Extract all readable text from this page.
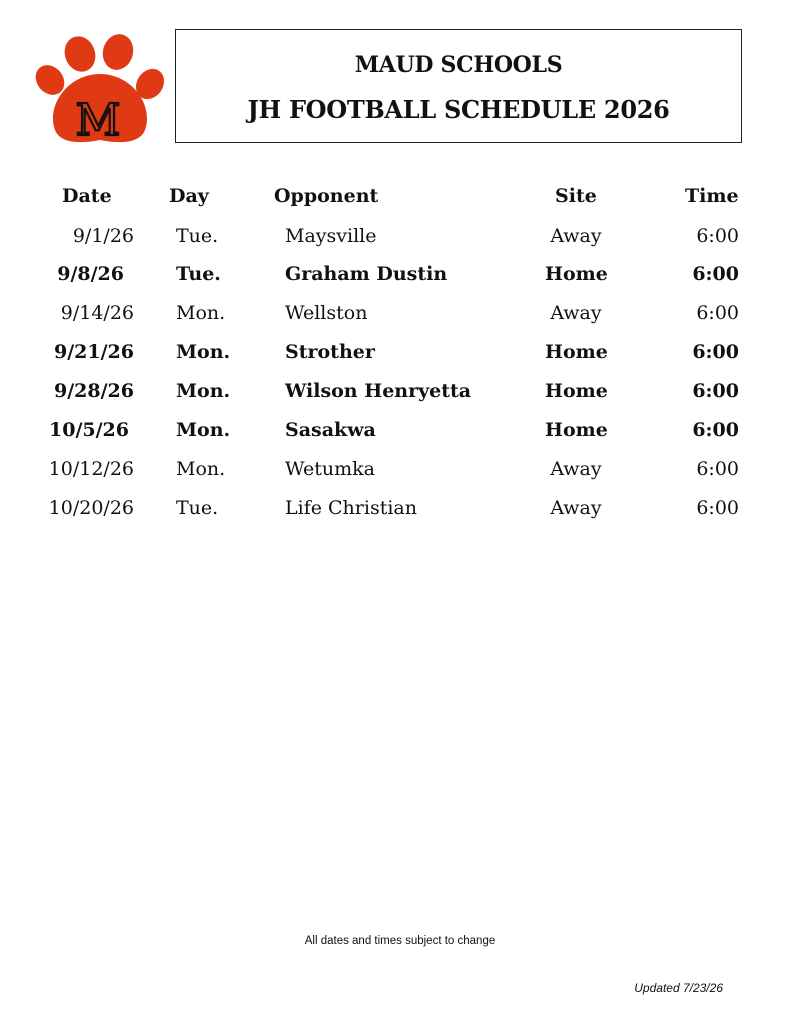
M
MAUD SCHOOLS
JH FOOTBALL SCHEDULE 2026
Date	Day	Opponent	Site	Time
9/1/26 Tue.	Maysville	Away	6:00
9/8/26	Tue.	Graham Dustin	Home	6:00
9/14/26 Mon.	Wellston	Away	6:00
9/21/26 Mon.	Strother	Home	6:00
9/28/26 Mon.	Wilson Henryetta	Home	6:00
10/5/26 Mon.	Sasakwa	Home	6:00
10/12/26 Mon.	Wetumka	Away	6:00
10/20/26 Tue.	Life Christian	Away	6:00
All dates and times subject to change
Updated 7/23/26
